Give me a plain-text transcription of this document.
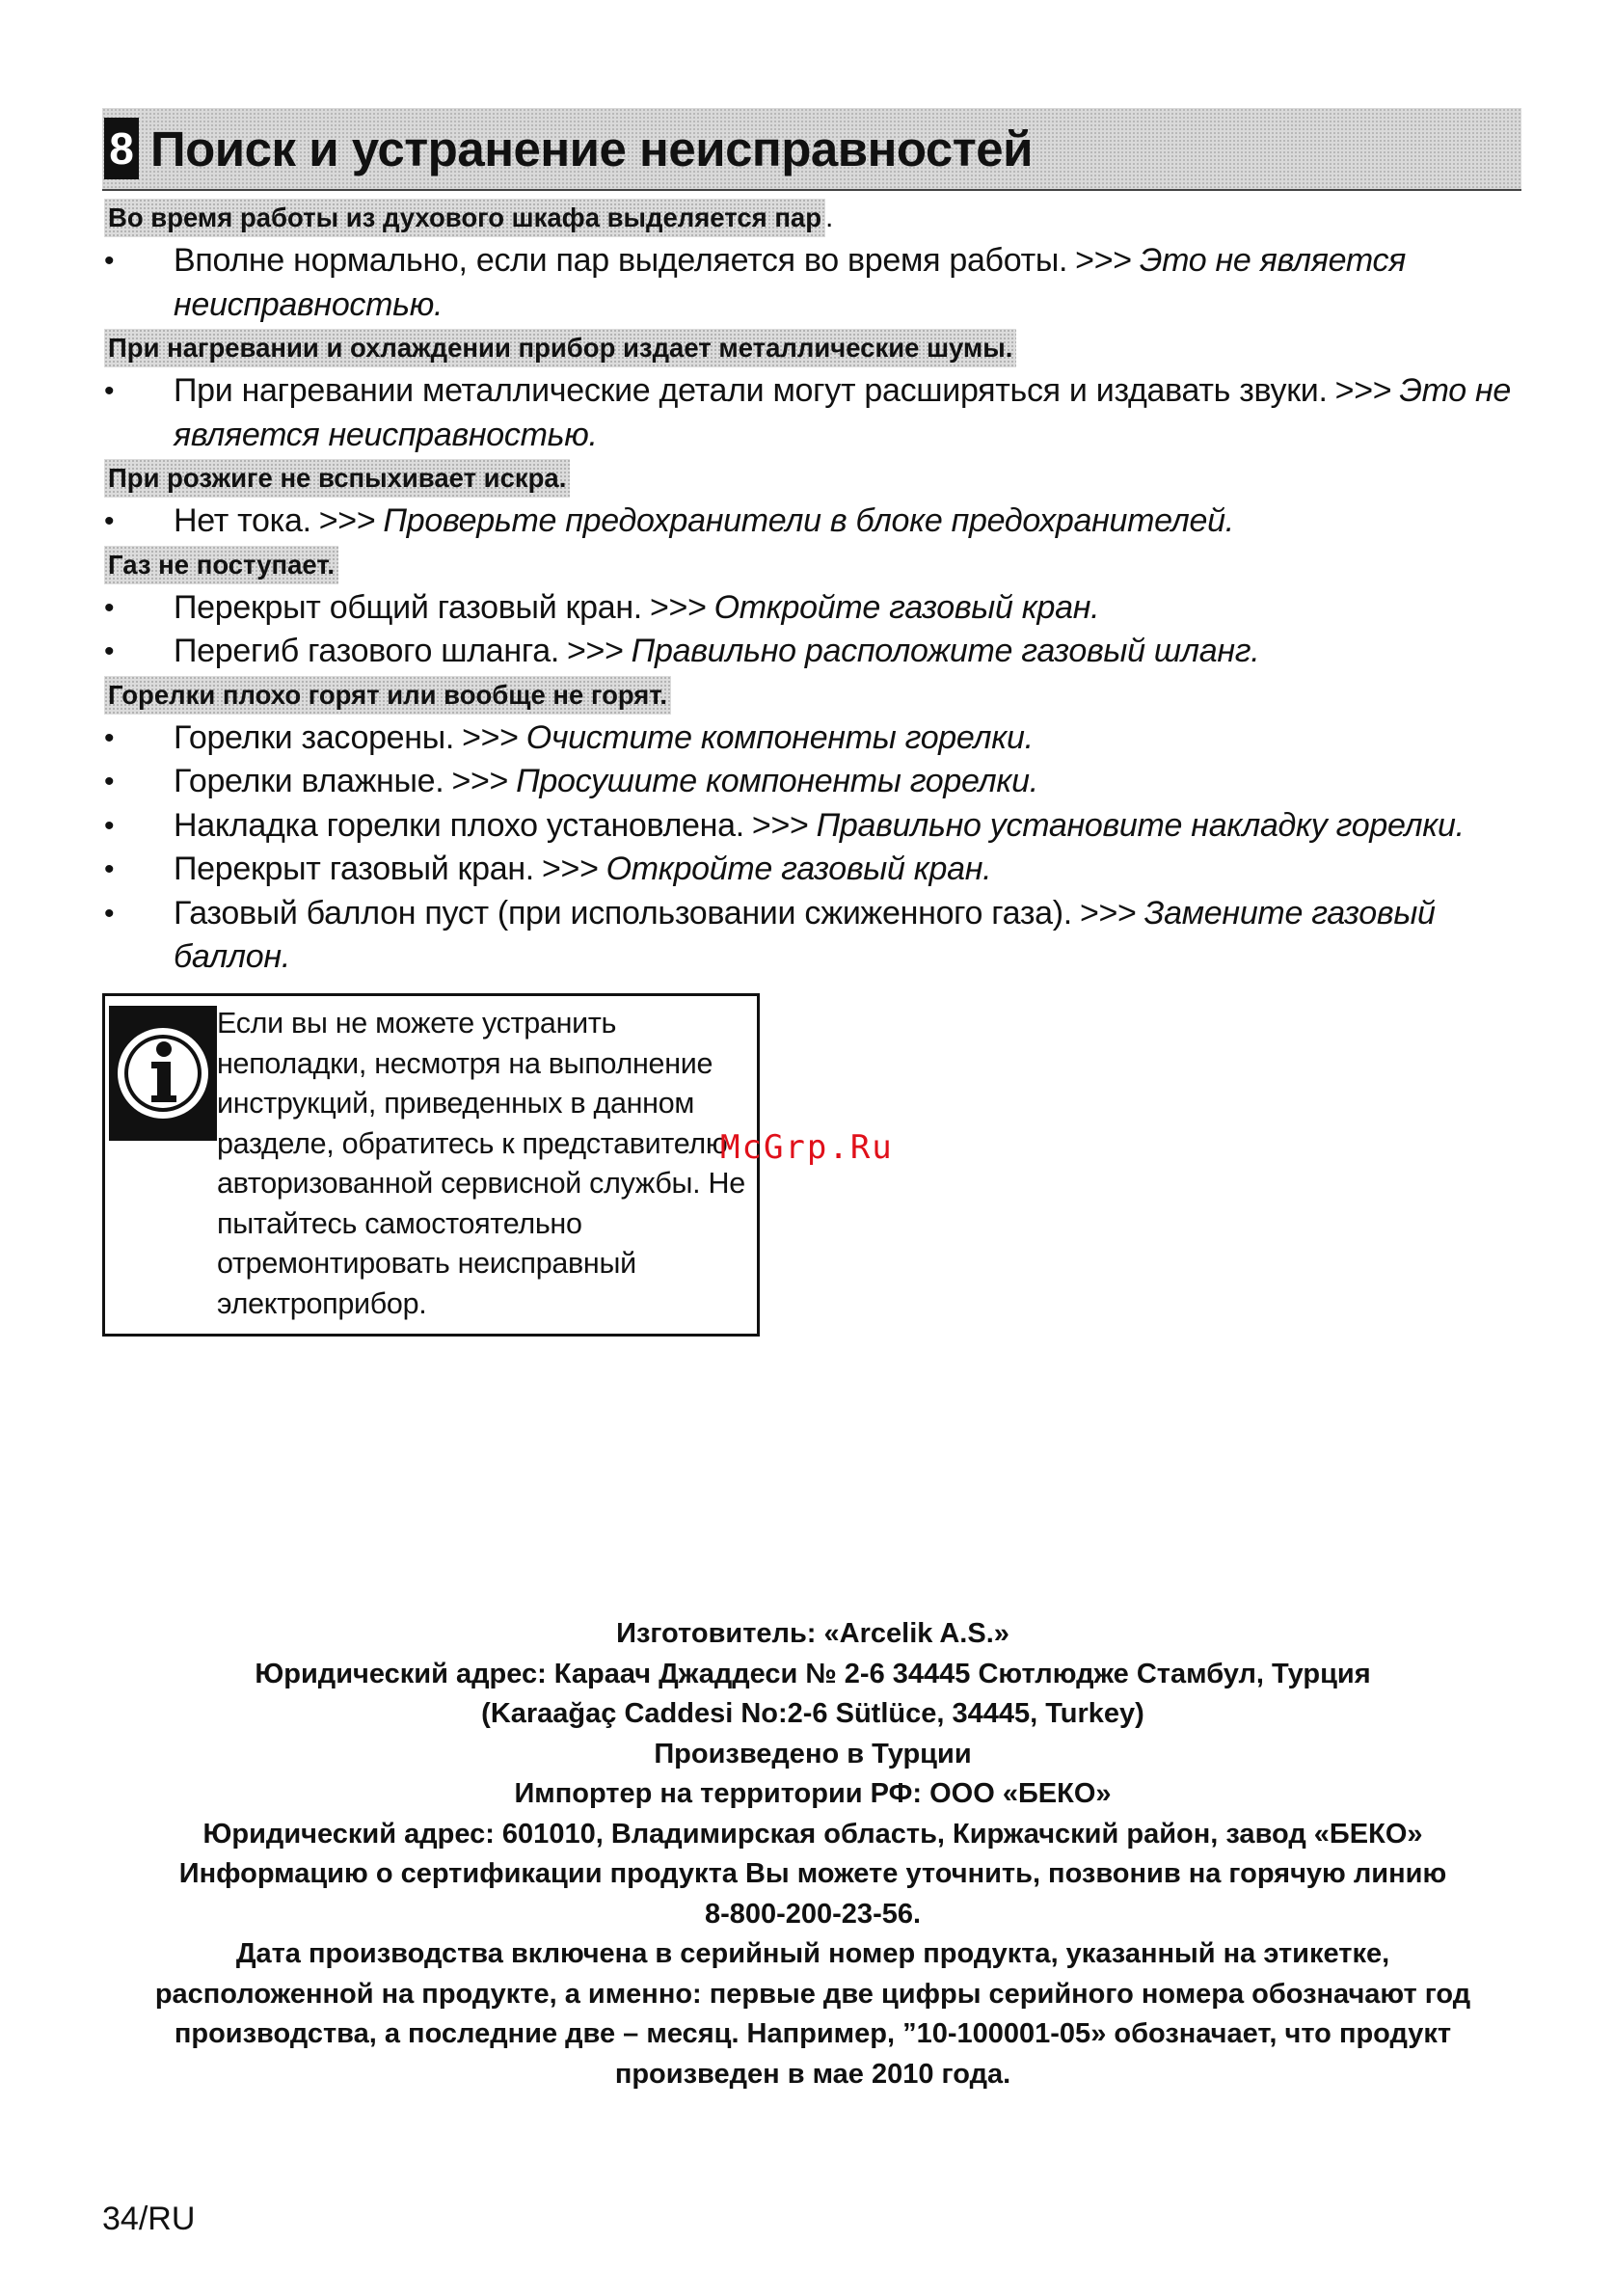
8 Поиск и устранение неисправностей
Во время работы из духового шкафа выделяется пар .
• Вполне нормально, если пар выделяется во время работы. >>> Это не является неисправностью.
При нагревании и охлаждении прибор издает металлические шумы.
• При нагревании металлические детали могут расширяться и издавать звуки. >>> Это не является неисправностью.
При розжиге не вспыхивает искра.
• Нет тока. >>> Проверьте предохранители в блоке предохранителей.
Газ не поступает.
• Перекрыт общий газовый кран. >>> Откройте газовый кран.
• Перегиб газового шланга. >>> Правильно расположите газовый шланг.
Горелки плохо горят или вообще не горят.
• Горелки засорены. >>> Очистите компоненты горелки.
• Горелки влажные. >>> Просушите компоненты горелки.
• Накладка горелки плохо установлена. >>> Правильно установите накладку горелки.
• Перекрыт газовый кран. >>> Откройте газовый кран.
• Газовый баллон пуст (при использовании сжиженного газа). >>> Замените газовый баллон.
Если вы не можете устранить
неполадки, несмотря на выполнение
инструкций, приведенных в данном
разделе, обратитесь к представителю
авторизованной сервисной службы. Не
пытайтесь самостоятельно
отремонтировать неисправный
электроприбор.
McGrp.Ru

Изготовитель: «Arcelik A.S.»

Юридический адрес: Караач Джаддеси № 2-6 34445 Сютлюдже Стамбул, Турция

(Karaağaç Caddesi No:2-6 Sütlüce, 34445, Turkey)

Произведено в Турции

Импортер на территории РФ: ООО «БЕКО»

Юридический адрес: 601010, Владимирская область, Киржачский район, завод «БЕКО»

Информацию о сертификации продукта Вы можете уточнить, позвонив на горячую линию

8-800-200-23-56.

Дата производства включена в серийный номер продукта, указанный на этикетке,

расположенной на продукте, а именно: первые две цифры серийного номера обозначают год

производства, а последние две – месяц. Например, ”10-100001-05» обозначает, что продукт

произведен в мае 2010 года.

34/RU
